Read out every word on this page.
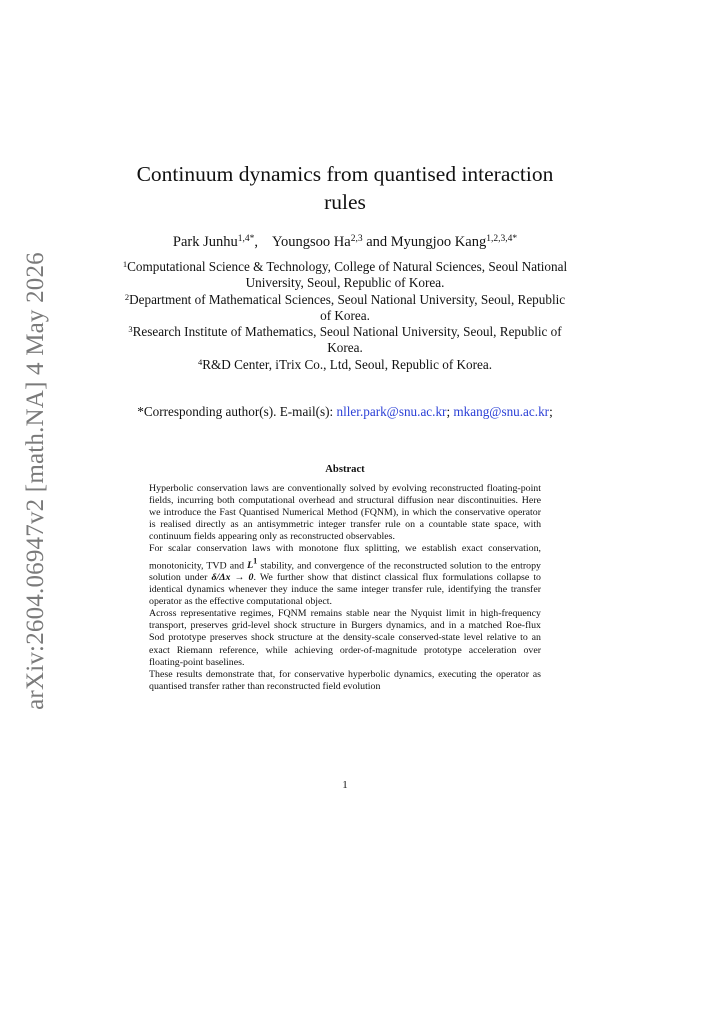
arXiv:2604.06947v2 [math.NA] 4 May 2026
Continuum dynamics from quantised interaction rules
Park Junhu$^{1,4*}$, Youngsoo Ha$^{2,3}$ and Myungjoo Kang$^{1,2,3,4*}$
$^1$Computational Science & Technology, College of Natural Sciences, Seoul National University, Seoul, Republic of Korea.
$^2$Department of Mathematical Sciences, Seoul National University, Seoul, Republic of Korea.
$^3$Research Institute of Mathematics, Seoul National University, Seoul, Republic of Korea.
$^4$R&D Center, iTrix Co., Ltd, Seoul, Republic of Korea.
*Corresponding author(s). E-mail(s): nller.park@snu.ac.kr; mkang@snu.ac.kr;
Abstract

Hyperbolic conservation laws are conventionally solved by evolving reconstructed floating-point fields, incurring both computational overhead and structural diffusion near discontinuities. Here we introduce the Fast Quantised Numerical Method (FQNM), in which the conservative operator is realised directly as an antisymmetric integer transfer rule on a countable state space, with continuum fields appearing only as reconstructed observables.

For scalar conservation laws with monotone flux splitting, we establish exact conservation, monotonicity, TVD and $L^1$ stability, and convergence of the reconstructed solution to the entropy solution under δ/Δx → 0. We further show that distinct classical flux formulations collapse to identical dynamics whenever they induce the same integer transfer rule, identifying the transfer operator as the effective computational object.

Across representative regimes, FQNM remains stable near the Nyquist limit in high-frequency transport, preserves grid-level shock structure in Burgers dynamics, and in a matched Roe-flux Sod prototype preserves shock structure at the density-scale conserved-state level relative to an exact Riemann reference, while achieving order-of-magnitude prototype acceleration over floating-point baselines.

These results demonstrate that, for conservative hyperbolic dynamics, executing the operator as quantised transfer rather than reconstructed field evolution

1
